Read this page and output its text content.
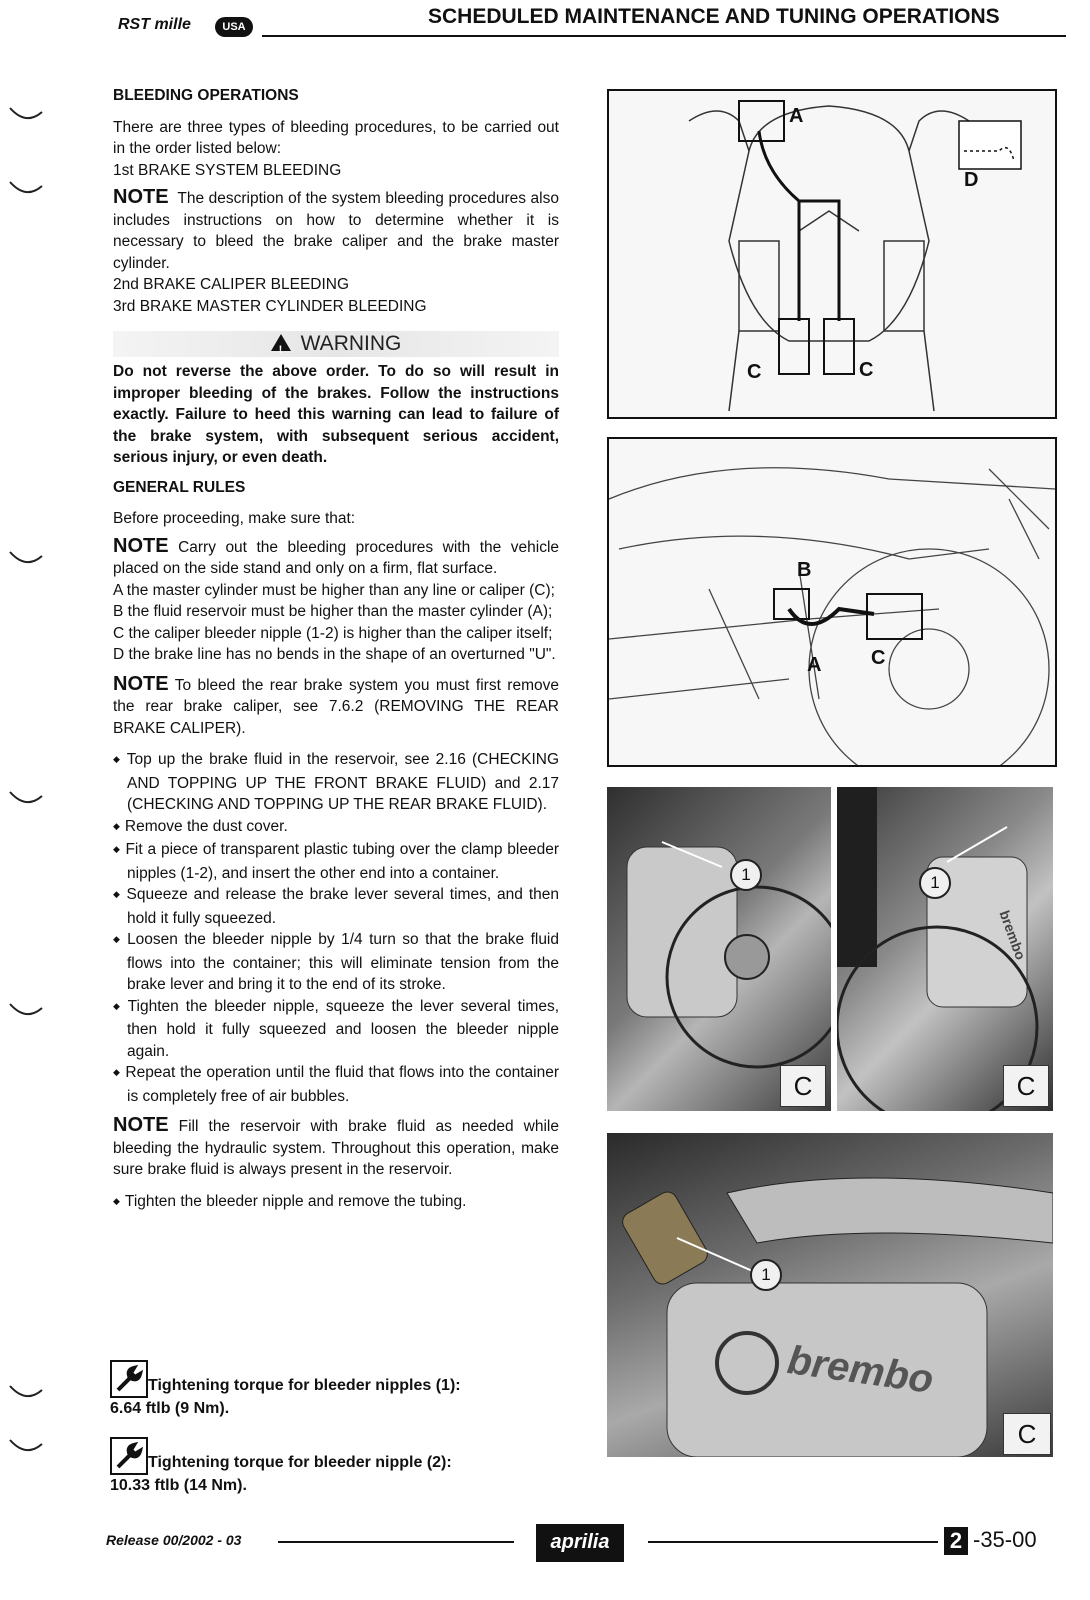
RST mille	USA	SCHEDULED MAINTENANCE AND TUNING OPERATIONS

BLEEDING OPERATIONS

There are three types of bleeding procedures, to be carried out in the order listed below:

1st BRAKE SYSTEM BLEEDING

NOTE The description of the system bleeding procedures also includes instructions on how to determine whether it is necessary to bleed the brake caliper and the brake master cylinder.

2nd BRAKE CALIPER BLEEDING

3rd BRAKE MASTER CYLINDER BLEEDING

! WARNING

Do not reverse the above order. To do so will result in improper bleeding of the brakes. Follow the instructions exactly. Failure to heed this warning can lead to failure of the brake system, with subsequent serious accident, serious injury, or even death.

GENERAL RULES

Before proceeding, make sure that:

NOTE Carry out the bleeding procedures with the vehicle placed on the side stand and only on a firm, flat surface.

A the master cylinder must be higher than any line or caliper (C);

B the fluid reservoir must be higher than the master cylinder (A);

C the caliper bleeder nipple (1-2) is higher than the caliper itself;

D the brake line has no bends in the shape of an overturned "U".

NOTE To bleed the rear brake system you must first remove the rear brake caliper, see 7.6.2 (REMOVING THE REAR BRAKE CALIPER).

◆ Top up the brake fluid in the reservoir, see 2.16 (CHECKING AND TOPPING UP THE FRONT BRAKE FLUID) and 2.17 (CHECKING AND TOPPING UP THE REAR BRAKE FLUID).

◆ Remove the dust cover.

◆ Fit a piece of transparent plastic tubing over the clamp bleeder nipples (1-2), and insert the other end into a container.

◆ Squeeze and release the brake lever several times, and then hold it fully squeezed.

◆ Loosen the bleeder nipple by 1/4 turn so that the brake fluid flows into the container; this will eliminate tension from the brake lever and bring it to the end of its stroke.

◆ Tighten the bleeder nipple, squeeze the lever several times, then hold it fully squeezed and loosen the bleeder nipple again.

◆ Repeat the operation until the fluid that flows into the container is completely free of air bubbles.

NOTE Fill the reservoir with brake fluid as needed while bleeding the hydraulic system. Throughout this operation, make sure brake fluid is always present in the reservoir.

◆ Tighten the bleeder nipple and remove the tubing.

Tightening torque for bleeder nipples (1):
6.64 ftlb (9 Nm).
Tightening torque for bleeder nipple (2):
10.33 ftlb (14 Nm).
A
C	C
D
B
A C
1
C
1
brembo
C
1
brembo
C
Release 00/2002 - 03	aprilia	2 -35-00
